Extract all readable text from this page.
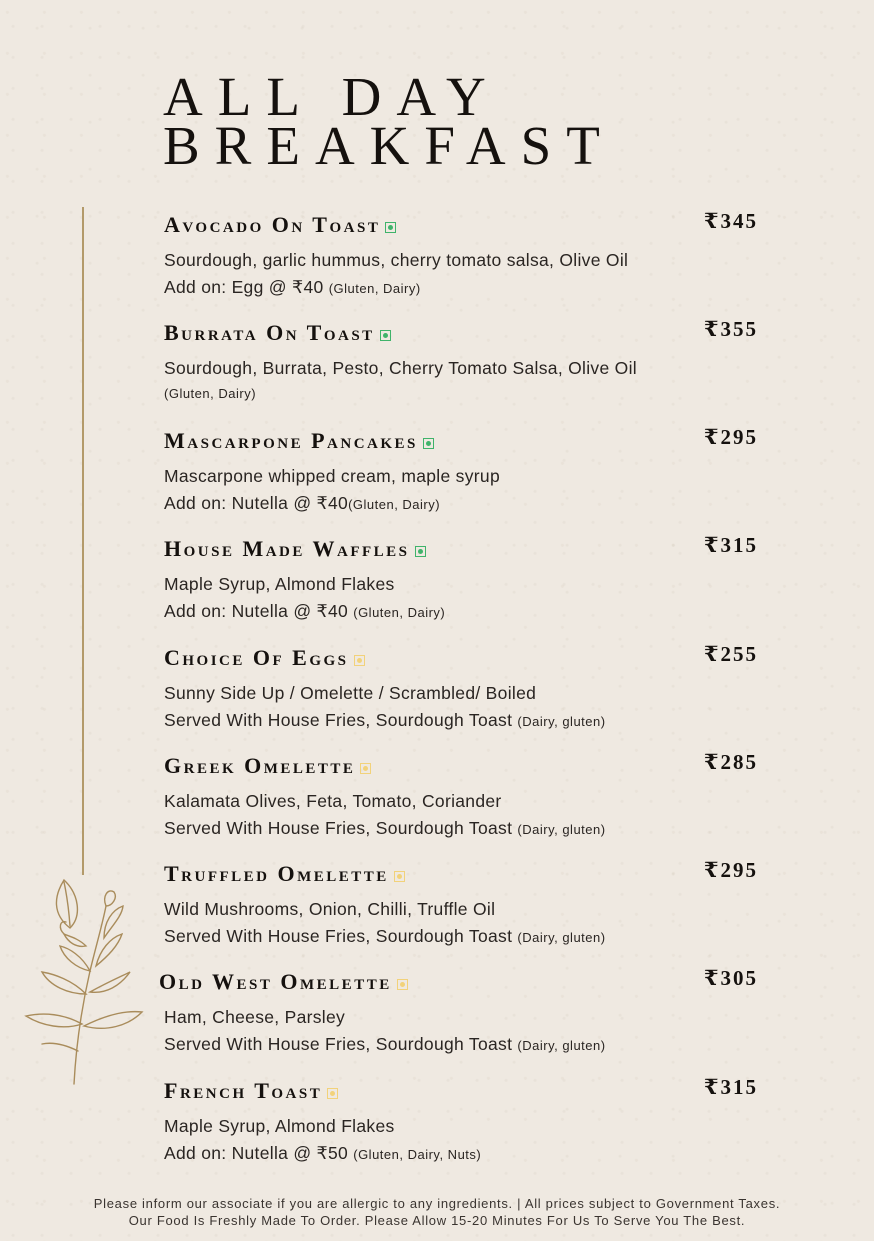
ALL DAY
BREAKFAST
Avocado On Toast	₹345
Sourdough, garlic hummus, cherry tomato salsa, Olive Oil
Add on: Egg @ ₹40 (Gluten, Dairy)
Burrata On Toast	₹355
Sourdough, Burrata, Pesto, Cherry Tomato Salsa, Olive Oil
(Gluten, Dairy)
Mascarpone Pancakes	₹295
Mascarpone whipped cream, maple syrup
Add on: Nutella @ ₹40(Gluten, Dairy)
House Made Waffles	₹315
Maple Syrup, Almond Flakes
Add on: Nutella @ ₹40 (Gluten, Dairy)
Choice Of Eggs	₹255
Sunny Side Up / Omelette / Scrambled/ Boiled
Served With House Fries, Sourdough Toast (Dairy, gluten)
Greek Omelette	₹285
Kalamata Olives, Feta, Tomato, Coriander
Served With House Fries, Sourdough Toast (Dairy, gluten)
Truffled Omelette	₹295
Wild Mushrooms, Onion, Chilli, Truffle Oil
Served With House Fries, Sourdough Toast (Dairy, gluten)
Old West Omelette	₹305
Ham, Cheese, Parsley
Served With House Fries, Sourdough Toast (Dairy, gluten)
French Toast	₹315
Maple Syrup, Almond Flakes
Add on: Nutella @ ₹50 (Gluten, Dairy, Nuts)
Please inform our associate if you are allergic to any ingredients. | All prices subject to Government Taxes.
Our Food Is Freshly Made To Order. Please Allow 15-20 Minutes For Us To Serve You The Best.
